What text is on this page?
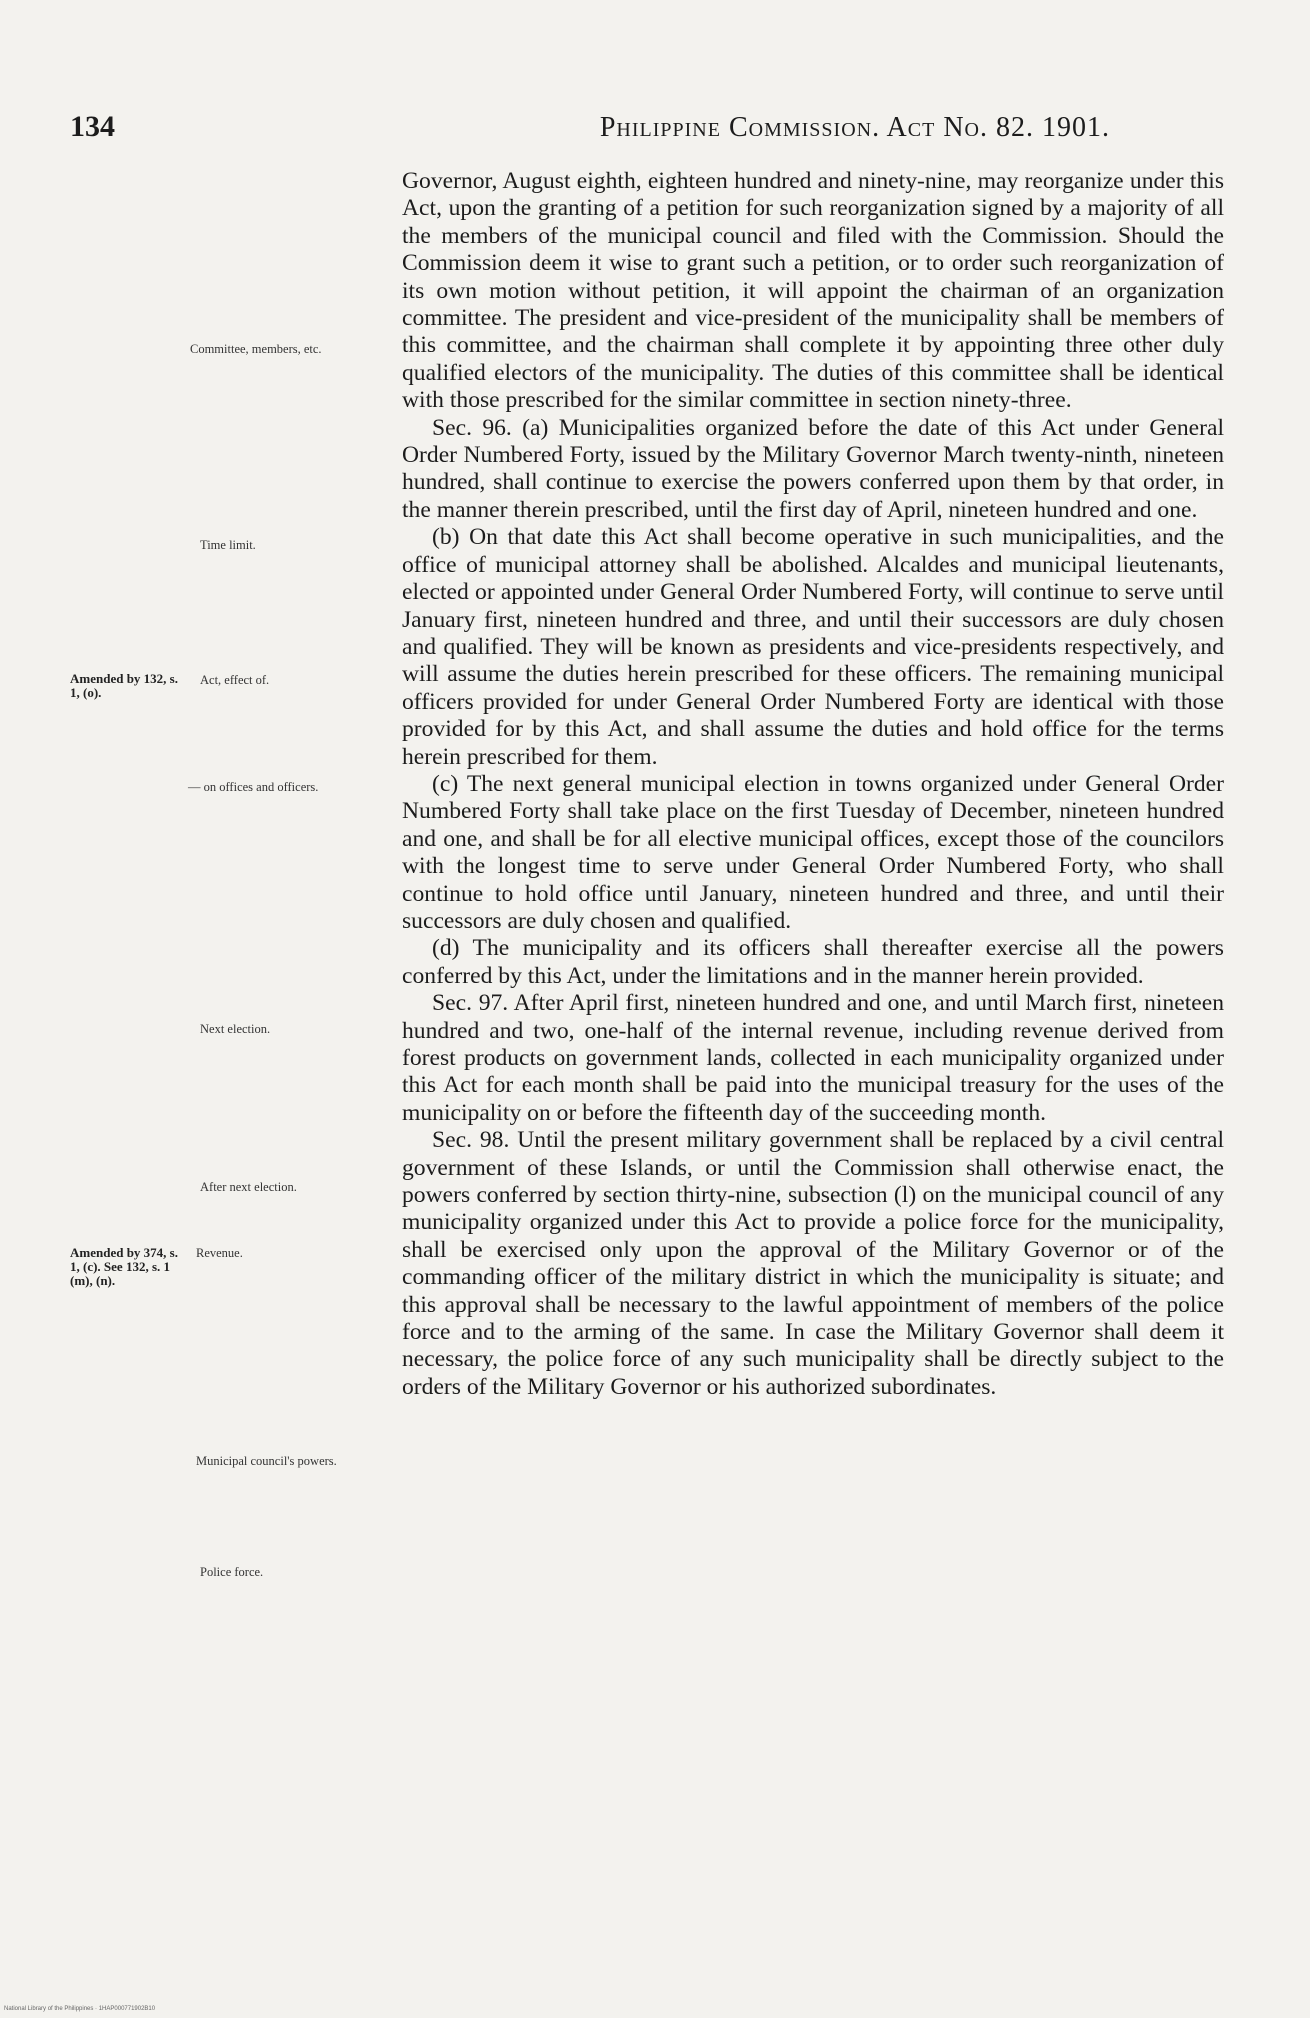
134	Philippine Commission. Act No. 82. 1901.

Governor, August eighth, eighteen hundred and ninety-nine, may reorganize under this Act, upon the granting of a petition for such reorganization signed by a majority of all the members of the municipal council and filed with the Commission. Should the Commission deem it wise to grant such a petition, or to order such reorganization of its own motion without petition, it will appoint the chairman of an organization committee. The president and vice-president of the municipality shall be members of this committee, and the chairman shall complete it by appointing three other duly qualified electors of the municipality. The duties of this committee shall be identical with those prescribed for the similar committee in section ninety-three.

Sec. 96. (a) Municipalities organized before the date of this Act under General Order Numbered Forty, issued by the Military Governor March twenty-ninth, nineteen hundred, shall continue to exercise the powers conferred upon them by that order, in the manner therein prescribed, until the first day of April, nineteen hundred and one.

(b) On that date this Act shall become operative in such municipalities, and the office of municipal attorney shall be abolished. Alcaldes and municipal lieutenants, elected or appointed under General Order Numbered Forty, will continue to serve until January first, nineteen hundred and three, and until their successors are duly chosen and qualified. They will be known as presidents and vice-presidents respectively, and will assume the duties herein prescribed for these officers. The remaining municipal officers provided for under General Order Numbered Forty are identical with those provided for by this Act, and shall assume the duties and hold office for the terms herein prescribed for them.

(c) The next general municipal election in towns organized under General Order Numbered Forty shall take place on the first Tuesday of December, nineteen hundred and one, and shall be for all elective municipal offices, except those of the councilors with the longest time to serve under General Order Numbered Forty, who shall continue to hold office until January, nineteen hundred and three, and until their successors are duly chosen and qualified.

(d) The municipality and its officers shall thereafter exercise all the powers conferred by this Act, under the limitations and in the manner herein provided.

Sec. 97. After April first, nineteen hundred and one, and until March first, nineteen hundred and two, one-half of the internal revenue, including revenue derived from forest products on government lands, collected in each municipality organized under this Act for each month shall be paid into the municipal treasury for the uses of the municipality on or before the fifteenth day of the succeeding month.

Sec. 98. Until the present military government shall be replaced by a civil central government of these Islands, or until the Commission shall otherwise enact, the powers conferred by section thirty-nine, subsection (l) on the municipal council of any municipality organized under this Act to provide a police force for the municipality, shall be exercised only upon the approval of the Military Governor or of the commanding officer of the military district in which the municipality is situate; and this approval shall be necessary to the lawful appointment of members of the police force and to the arming of the same. In case the Military Governor shall deem it necessary, the police force of any such municipality shall be directly subject to the orders of the Military Governor or his authorized subordinates.

Committee, members, etc.
Time limit.
Act, effect of.
— on offices and officers.
Next election.
After next election.
Revenue.
Municipal council's powers.
Police force.
Amended by 132, s. 1, (o).
Amended by 374, s. 1, (c). See 132, s. 1 (m), (n).
National Library of the Philippines · 1HAP000771902B10
